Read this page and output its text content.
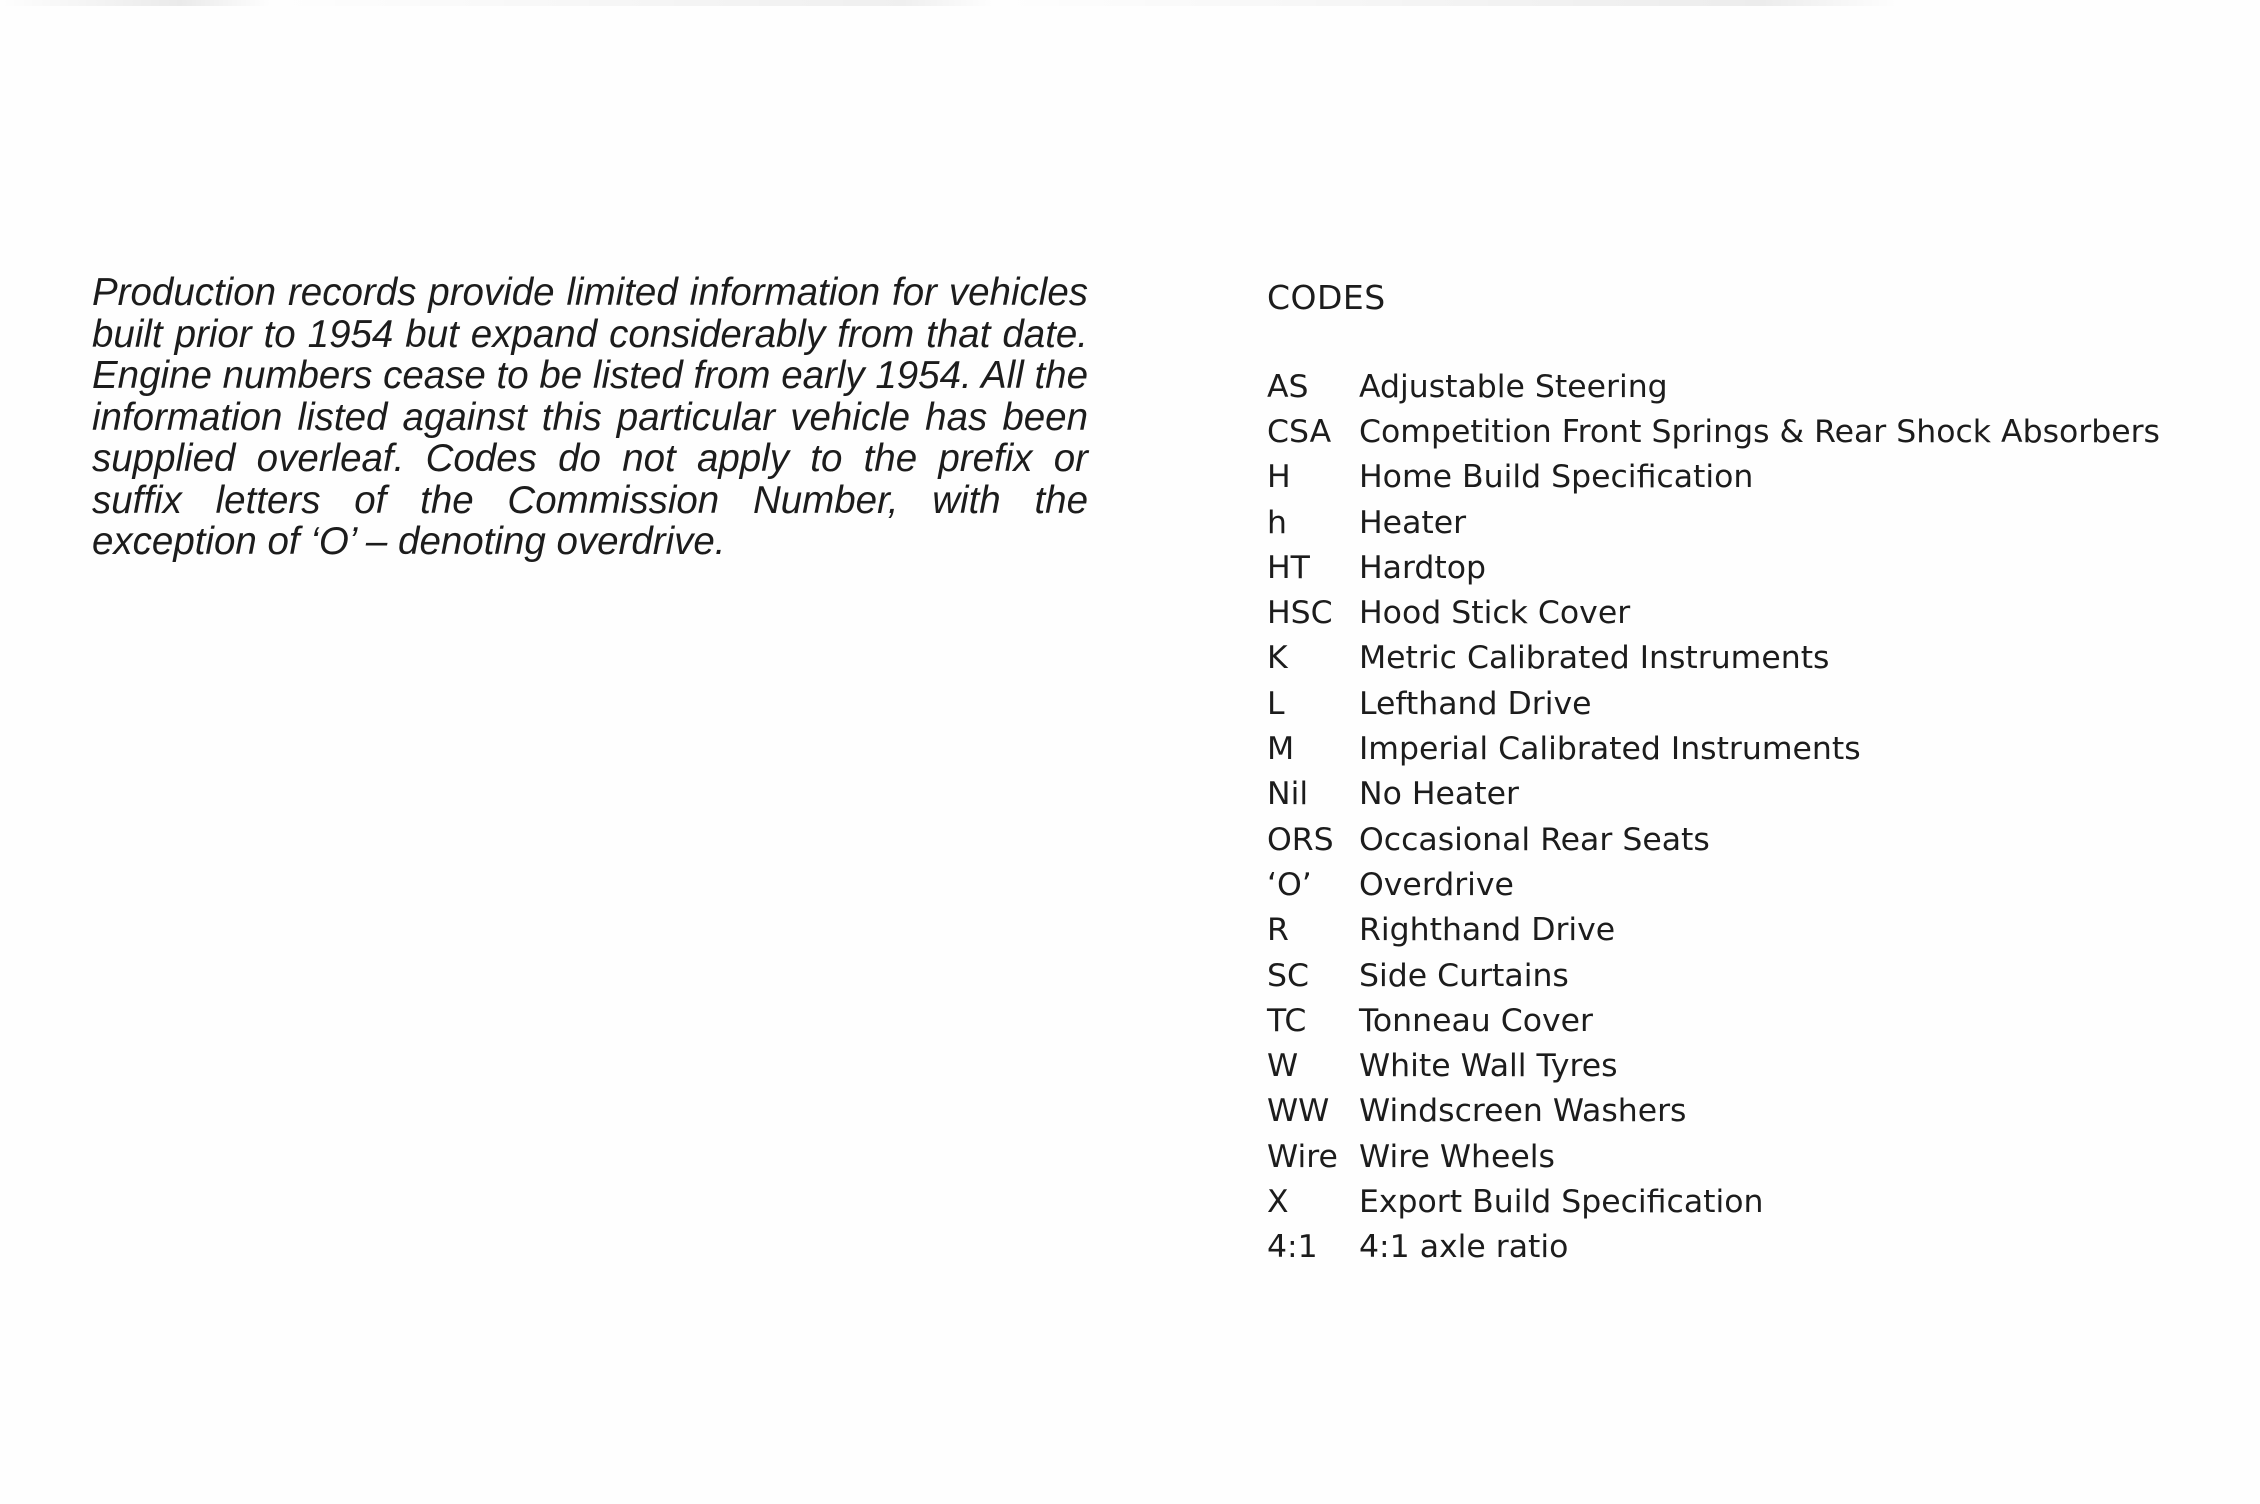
Production records provide limited information for vehicles built prior to 1954 but expand considerably from that date. Engine numbers cease to be listed from early 1954. All the information listed against this particular vehicle has been supplied overleaf. Codes do not apply to the prefix or suffix letters of the Commission Number, with the exception of ‘O’ – denoting overdrive.

CODES
AS	Adjustable Steering
CSA Competition Front Springs & Rear Shock Absorbers
H	Home Build Specification
h	Heater
HT	Hardtop
HSC Hood Stick Cover
K	Metric Calibrated Instruments
L	Lefthand Drive
M	Imperial Calibrated Instruments
Nil	No Heater
ORS Occasional Rear Seats
‘O’	Overdrive
R	Righthand Drive
SC	Side Curtains
TC	Tonneau Cover
W	White Wall Tyres
WW Windscreen Washers
Wire Wire Wheels
X	Export Build Specification
4:1	4:1 axle ratio
